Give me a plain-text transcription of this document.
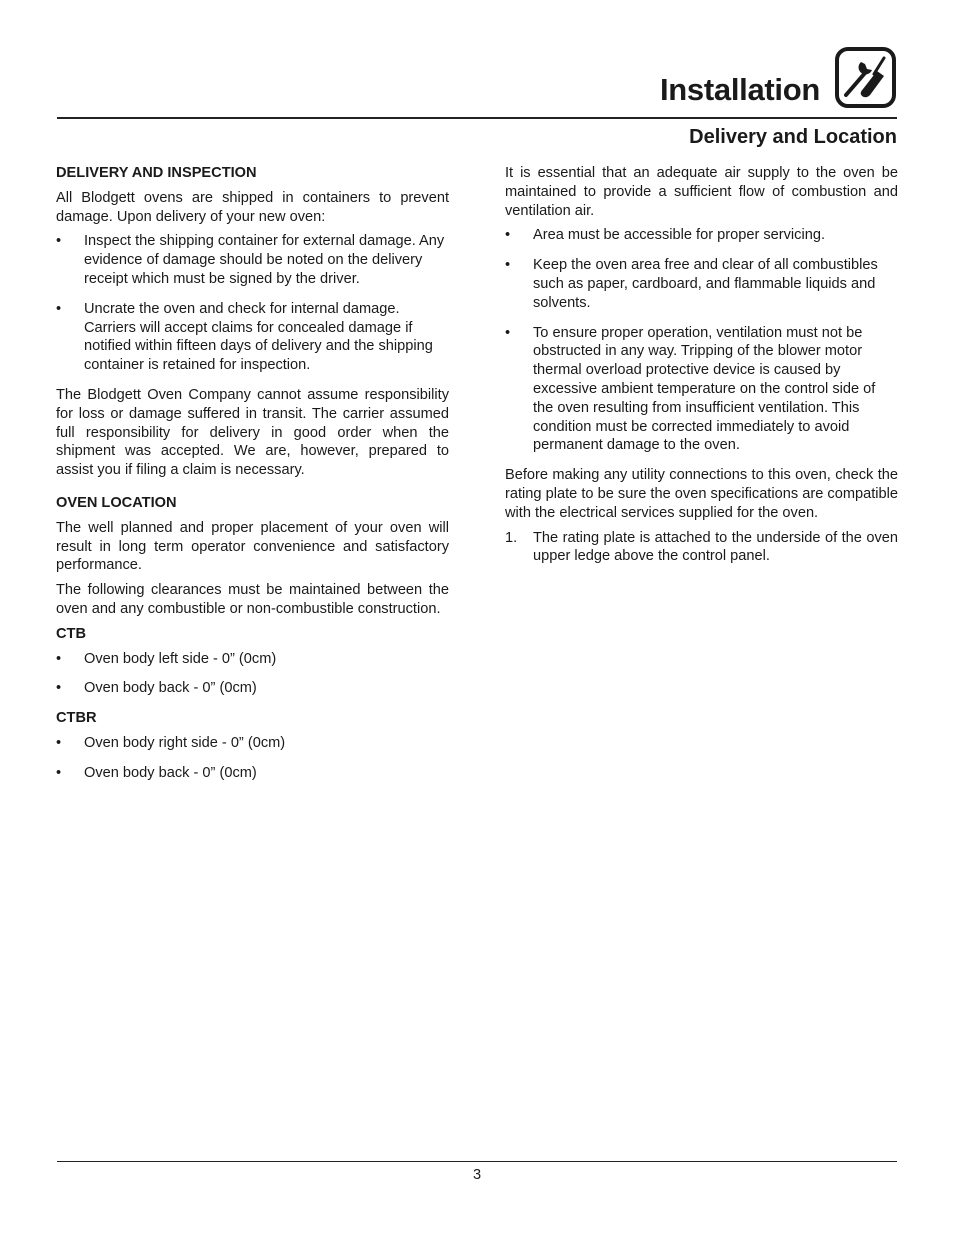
Installation
Delivery and Location
DELIVERY AND INSPECTION

All Blodgett ovens are shipped in containers to prevent damage. Upon delivery of your new oven:

• Inspect the shipping container for external damage. Any evidence of damage should be noted on the delivery receipt which must be signed by the driver.
• Uncrate the oven and check for internal damage. Carriers will accept claims for concealed damage if notified within fifteen days of delivery and the shipping container is retained for inspection.

The Blodgett Oven Company cannot assume responsibility for loss or damage suffered in transit. The carrier assumed full responsibility for delivery in good order when the shipment was accepted. We are, however, prepared to assist you if filing a claim is necessary.

OVEN LOCATION

The well planned and proper placement of your oven will result in long term operator convenience and satisfactory performance.

The following clearances must be maintained between the oven and any combustible or non-combustible construction.

CTB
• Oven body left side - 0” (0cm)
• Oven body back - 0” (0cm)
CTBR
• Oven body right side - 0” (0cm)
• Oven body back - 0” (0cm)

It is essential that an adequate air supply to the oven be maintained to provide a sufficient flow of combustion and ventilation air.

• Area must be accessible for proper servicing.
• Keep the oven area free and clear of all combustibles such as paper, cardboard, and flammable liquids and solvents.
• To ensure proper operation, ventilation must not be obstructed in any way. Tripping of the blower motor thermal overload protective device is caused by excessive ambient temperature on the control side of the oven resulting from insufficient ventilation. This condition must be corrected immediately to avoid permanent damage to the oven.

Before making any utility connections to this oven, check the rating plate to be sure the oven specifications are compatible with the electrical services supplied for the oven.

1. The rating plate is attached to the underside of the oven upper ledge above the control panel.
3
